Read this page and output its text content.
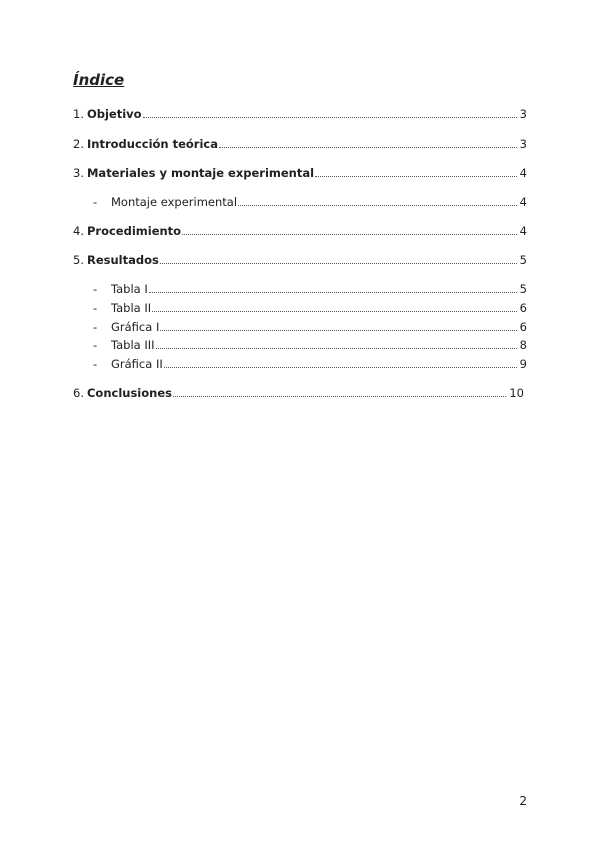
Índice
1. Objetivo	3
2. Introducción teórica	3
3. Materiales y montaje experimental	4
-	Montaje experimental	4
4. Procedimiento	4
5. Resultados	5
-	Tabla I	5
-	Tabla II	6
-	Gráfica I	6
-	Tabla III	8
-	Gráfica II	9
6. Conclusiones	10
2
